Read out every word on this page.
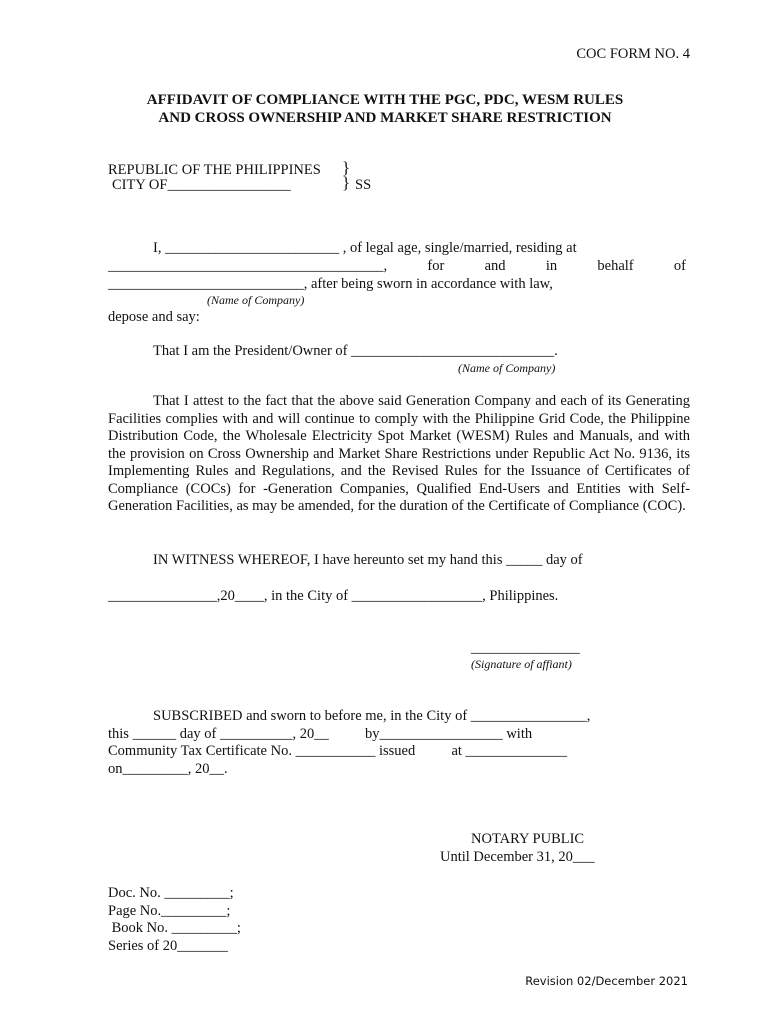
COC FORM NO. 4
AFFIDAVIT OF COMPLIANCE WITH THE PGC, PDC, WESM RULES
AND CROSS OWNERSHIP AND MARKET SHARE RESTRICTION
REPUBLIC OF THE PHILIPPINES }
CITY OF_________________	} SS
I, ________________________ , of legal age, single/married, residing at
______________________________________, for and in behalf of
___________________________, after being sworn in accordance with law,
(Name of Company)
depose and say:
That I am the President/Owner of ____________________________.
(Name of Company)
That I attest to the fact that the above said Generation Company and each of its Generating Facilities complies with and will continue to comply with the Philippine Grid Code, the Philippine Distribution Code, the Wholesale Electricity Spot Market (WESM) Rules and Manuals, and with the provision on Cross Ownership and Market Share Restrictions under Republic Act No. 9136, its Implementing Rules and Regulations, and the Revised Rules for the Issuance of Certificates of Compliance (COCs) for -Generation Companies, Qualified End-Users and Entities with Self-Generation Facilities, as may be amended, for the duration of the Certificate of Compliance (COC).
IN WITNESS WHEREOF, I have hereunto set my hand this _____ day of
_______________,20____, in the City of __________________, Philippines.
_______________
(Signature of affiant)
SUBSCRIBED and sworn to before me, in the City of ________________,
this ______ day of __________, 20__          by_________________ with
Community Tax Certificate No. ___________ issued          at ______________
on_________, 20__.
NOTARY PUBLIC
Until December 31, 20___
Doc. No. _________;
Page No._________;
Book No. _________;
Series of 20_______
Revision 02/December 2021
